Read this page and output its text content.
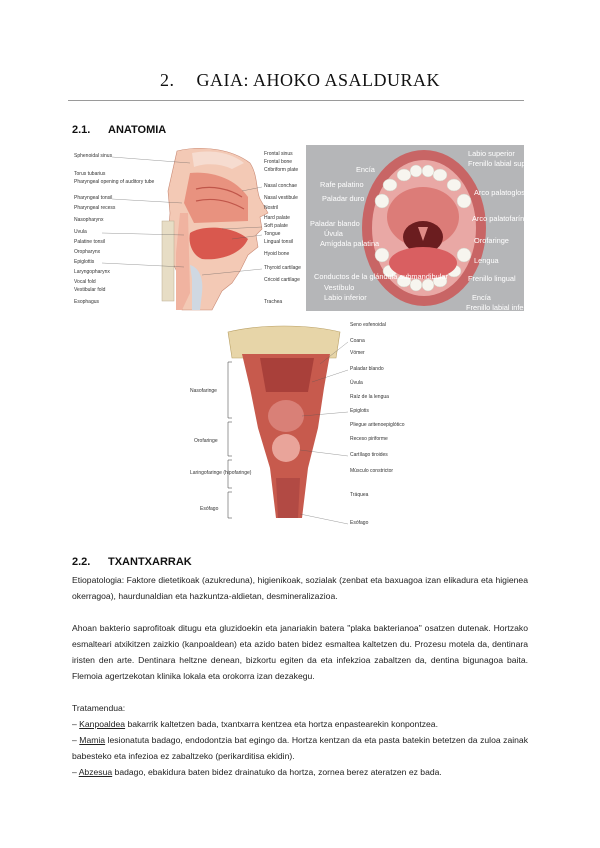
2. GAIA: AHOKO ASALDURAK
2.1. ANATOMIA
Sphenoidal sinus
Torus tubarius
Pharyngeal opening of auditory tube
Pharyngeal tonsil
Pharyngeal recess
Nasopharynx
Uvula
Palatine tonsil
Oropharynx
Epiglottis
Laryngopharynx
Vocal fold
Vestibular fold
Esophagus
Frontal sinus
Frontal bone
Cribriform plate
Nasal conchae
Nasal vestibule
Nostril
Hard palate
Soft palate
Tongue
Lingual tonsil
Hyoid bone
Thyroid cartilage
Cricoid cartilage
Trachea
Encía
Rafe palatino
Paladar duro
Paladar blando
Úvula
Amígdala palatina
Conductos de la glándula submandibular
Vestíbulo
Labio inferior
Labio superior
Frenillo labial superior
Arco palatogloso
Arco palatofaríngeo
Orofaringe
Lengua
Frenillo lingual
Encía
Frenillo labial inferior
Nasofaringe
Orofaringe
Laringofaringe (hipofaringe)
Esófago
Seno esfenoidal
Coana
Vómer
Paladar blando
Úvula
Raíz de la lengua
Epiglotis
Pliegue aritenoepiglótico
Receso piriforme
Cartílago tiroides
Músculo constrictor
Tráquea
Esófago
2.2. TXANTXARRAK

Etiopatologia: Faktore dietetikoak (azukreduna), higienikoak, sozialak (zenbat eta baxuagoa izan elikadura eta higienea okerragoa), haurdunaldian eta hazkuntza-aldietan, desmineralizazioa.

Ahoan bakterio saprofitoak ditugu eta gluzidoekin eta janariakin batera "plaka bakterianoa" osatzen dutenak. Hortzako esmalteari atxikitzen zaizkio (kanpoaldean) eta azido baten bidez esmaltea kaltetzen du. Prozesu motela da, dentinara iristen den arte. Dentinara heltzne denean, bizkortu egiten da eta infekzioa zabaltzen da, dentina bigunagoa baita. Flemoia agertzekotan klinika lokala eta orokorra izan dezakegu.

Tratamendua:

– Kanpoaldea bakarrik kaltetzen bada, txantxarra kentzea eta hortza enpastearekin konpontzea.

– Mamia lesionatuta badago, endodontzia bat egingo da. Hortza kentzan da eta pasta batekin betetzen da zuloa zainak babesteko eta infezioa ez zabaltzeko (perikarditisa ekidin).

– Abzesua badago, ebakidura baten bidez drainatuko da hortza, zornea berez ateratzen ez bada.
